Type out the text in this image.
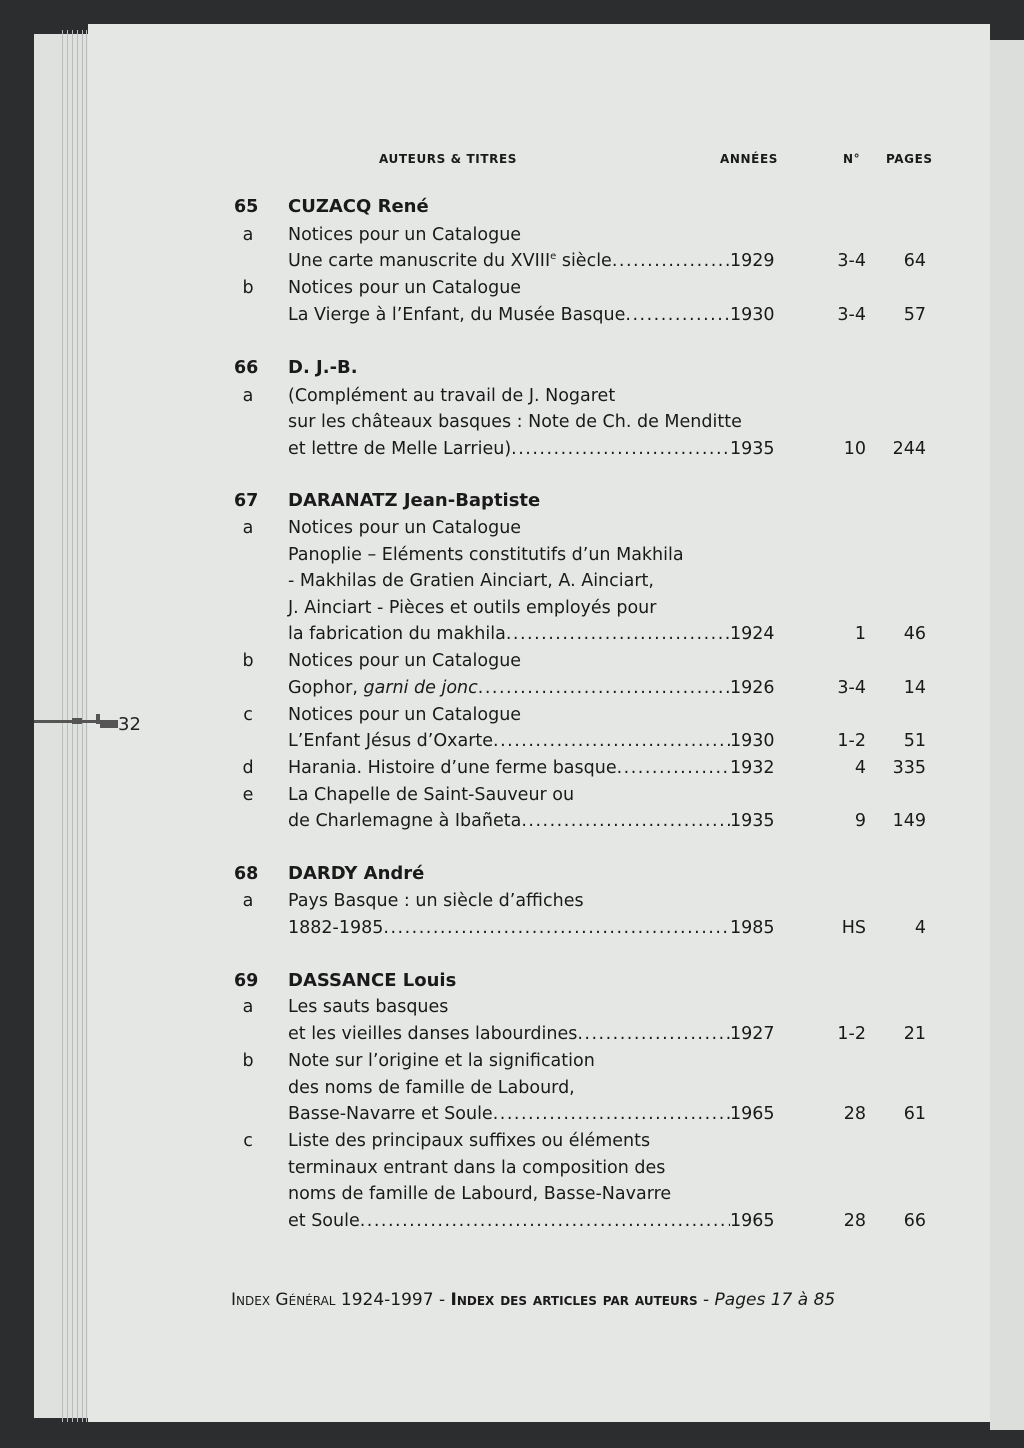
32
AUTEURS & TITRES	ANNÉES	N° PAGES
65 CUZACQ René
a	Notices pour un Catalogue
Une carte manuscrite du XVIIIe siècle .....	1929	3-4	64
b	Notices pour un Catalogue
La Vierge à l’Enfant, du Musée Basque .....	1930	3-4	57
66 D. J.-B.
a	(Complément au travail de J. Nogaret
sur les châteaux basques : Note de Ch. de Menditte
et lettre de Melle Larrieu) .....	1935	10	244
67 DARANATZ Jean-Baptiste
a	Notices pour un Catalogue
Panoplie – Eléments constitutifs d’un Makhila
- Makhilas de Gratien Ainciart, A. Ainciart,
J. Ainciart - Pièces et outils employés pour
la fabrication du makhila .....	1924	1	46
b	Notices pour un Catalogue
Gophor, garni de jonc .....	1926	3-4	14
c	Notices pour un Catalogue
L’Enfant Jésus d’Oxarte .....	1930	1-2	51
d	Harania. Histoire d’une ferme basque .....	1932	4	335
e	La Chapelle de Saint-Sauveur ou
de Charlemagne à Ibañeta .....	1935	9	149
68 DARDY André
a	Pays Basque : un siècle d’affiches
1882-1985 .....	1985	HS	4
69 DASSANCE Louis
a	Les sauts basques
et les vieilles danses labourdines .....	1927	1-2	21
b	Note sur l’origine et la signification
des noms de famille de Labourd,
Basse-Navarre et Soule .....	1965	28	61
c	Liste des principaux suffixes ou éléments
terminaux entrant dans la composition des
noms de famille de Labourd, Basse-Navarre
et Soule .....	1965	28	66
Index Général 1924-1997 - Index des articles par auteurs - Pages 17 à 85
